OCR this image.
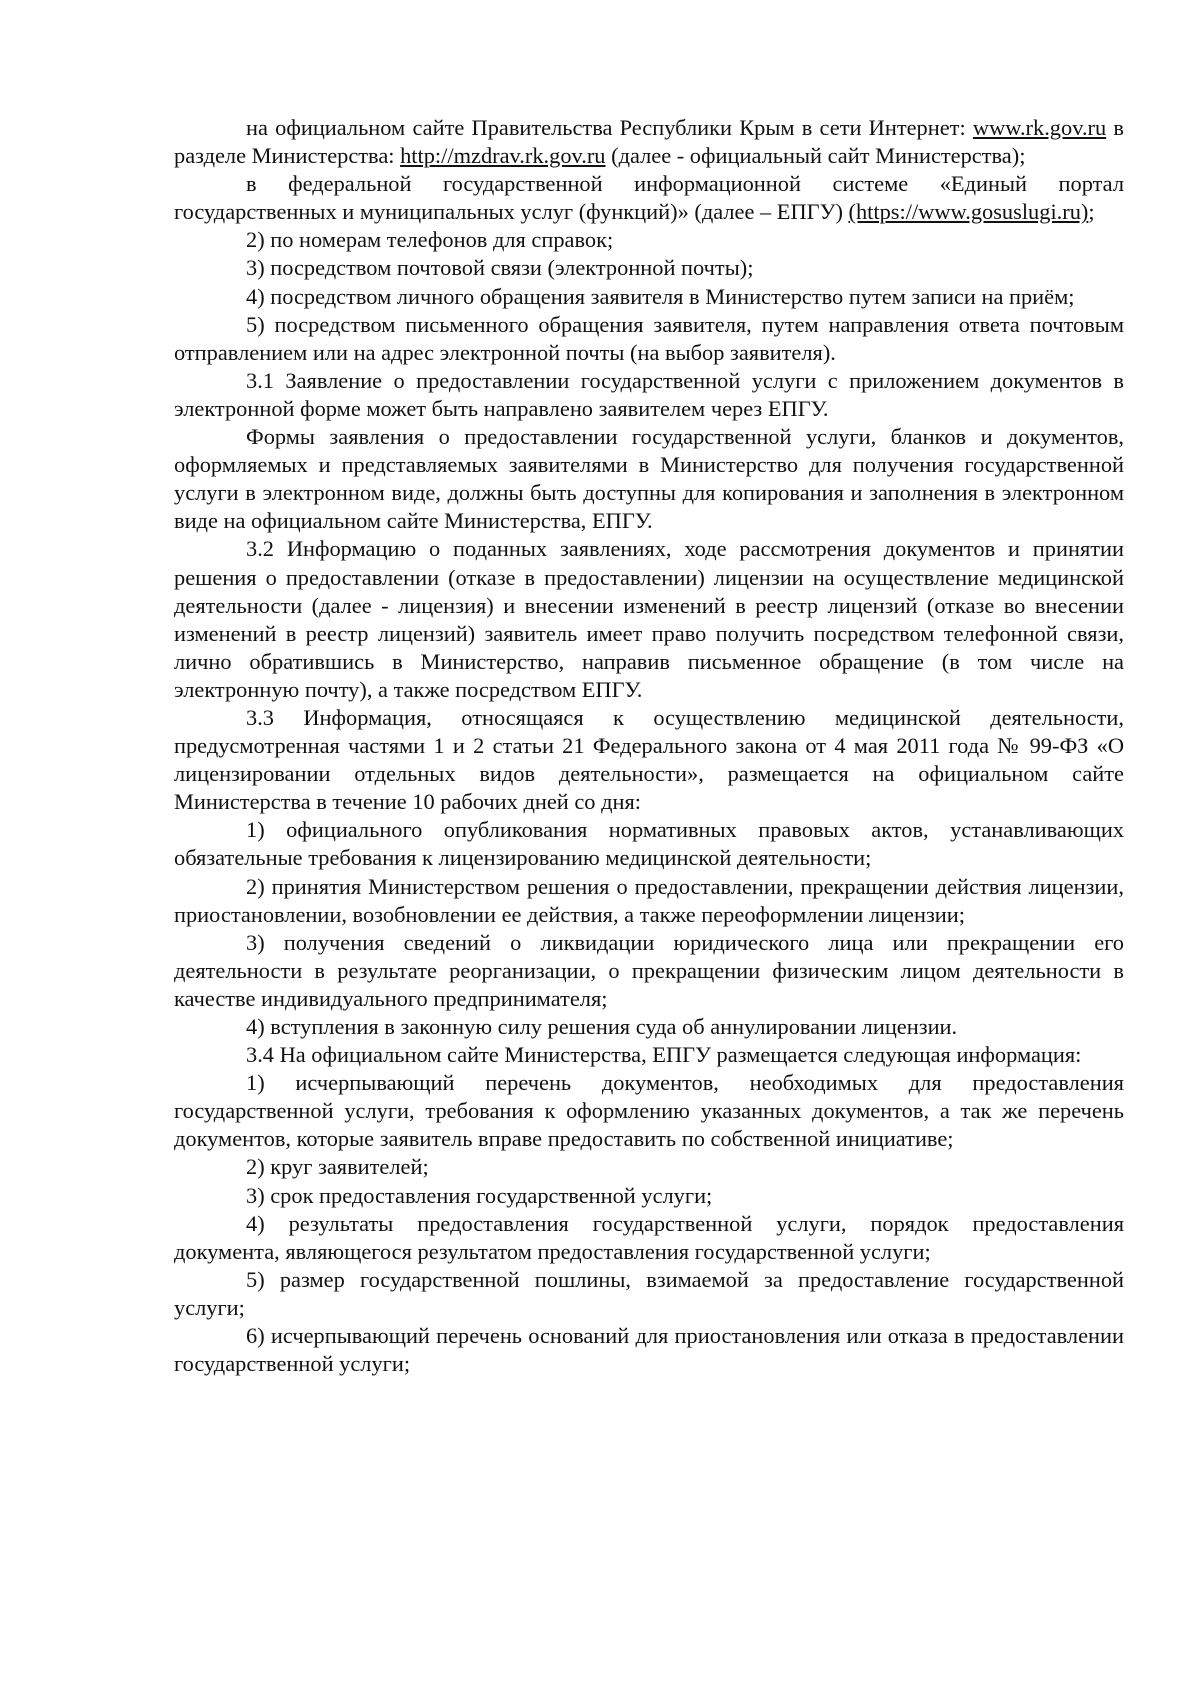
на официальном сайте Правительства Республики Крым в сети Интернет: www.rk.gov.ru в разделе Министерства: http://mzdrav.rk.gov.ru (далее - официальный сайт Министерства);

в федеральной государственной информационной системе «Единый портал государственных и муниципальных услуг (функций)» (далее – ЕПГУ) (https://www.gosuslugi.ru);

2) по номерам телефонов для справок;

3) посредством почтовой связи (электронной почты);

4) посредством личного обращения заявителя в Министерство путем записи на приём;

5) посредством письменного обращения заявителя, путем направления ответа почтовым отправлением или на адрес электронной почты (на выбор заявителя).

3.1 Заявление о предоставлении государственной услуги с приложением документов в электронной форме может быть направлено заявителем через ЕПГУ.

Формы заявления о предоставлении государственной услуги, бланков и документов, оформляемых и представляемых заявителями в Министерство для получения государственной услуги в электронном виде, должны быть доступны для копирования и заполнения в электронном виде на официальном сайте Министерства, ЕПГУ.

3.2 Информацию о поданных заявлениях, ходе рассмотрения документов и принятии решения о предоставлении (отказе в предоставлении) лицензии на осуществление медицинской деятельности (далее - лицензия) и внесении изменений в реестр лицензий (отказе во внесении изменений в реестр лицензий) заявитель имеет право получить посредством телефонной связи, лично обратившись в Министерство, направив письменное обращение (в том числе на электронную почту), а также посредством ЕПГУ.

3.3 Информация, относящаяся к осуществлению медицинской деятельности, предусмотренная частями 1 и 2 статьи 21 Федерального закона от 4 мая 2011 года № 99-ФЗ «О лицензировании отдельных видов деятельности», размещается на официальном сайте Министерства в течение 10 рабочих дней со дня:

1) официального опубликования нормативных правовых актов, устанавливающих обязательные требования к лицензированию медицинской деятельности;

2) принятия Министерством решения о предоставлении, прекращении действия лицензии, приостановлении, возобновлении ее действия, а также переоформлении лицензии;

3) получения сведений о ликвидации юридического лица или прекращении его деятельности в результате реорганизации, о прекращении физическим лицом деятельности в качестве индивидуального предпринимателя;

4) вступления в законную силу решения суда об аннулировании лицензии.

3.4 На официальном сайте Министерства, ЕПГУ размещается следующая информация:

1) исчерпывающий перечень документов, необходимых для предоставления государственной услуги, требования к оформлению указанных документов, а так же перечень документов, которые заявитель вправе предоставить по собственной инициативе;

2) круг заявителей;

3) срок предоставления государственной услуги;

4) результаты предоставления государственной услуги, порядок предоставления документа, являющегося результатом предоставления государственной услуги;

5) размер государственной пошлины, взимаемой за предоставление государственной услуги;

6) исчерпывающий перечень оснований для приостановления или отказа в предоставлении государственной услуги;
